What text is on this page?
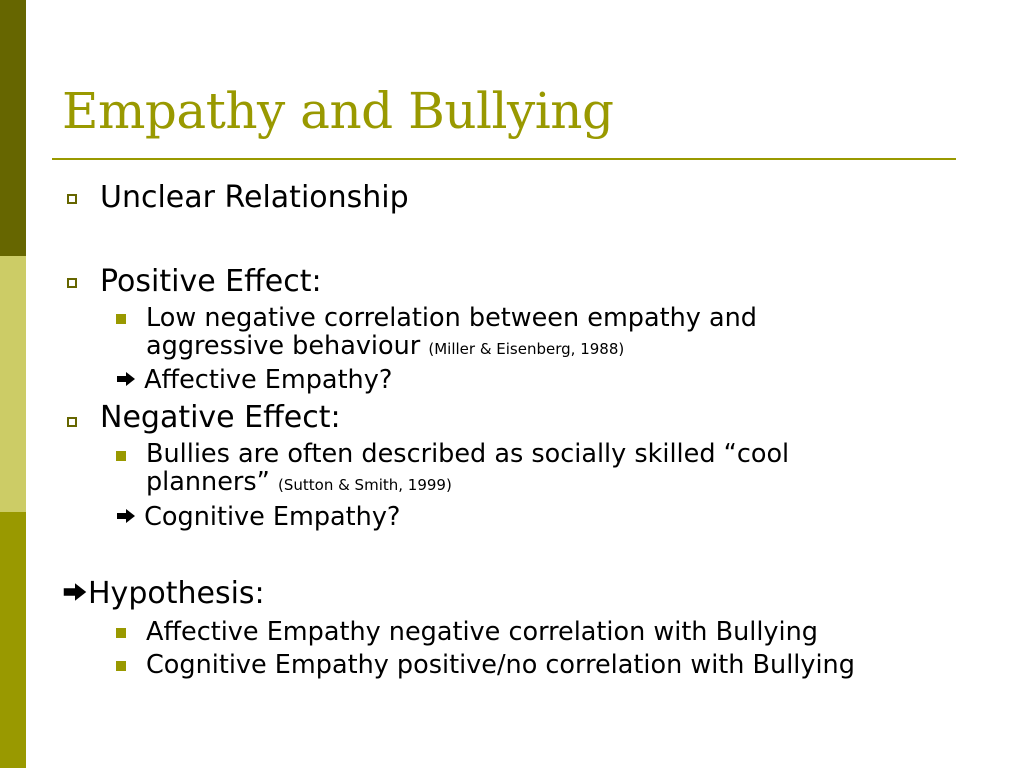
Empathy and Bullying
Unclear Relationship
Positive Effect:
Low negative correlation between empathy and
aggressive behaviour (Miller & Eisenberg, 1988)
Affective Empathy?
Negative Effect:
Bullies are often described as socially skilled “cool
planners” (Sutton & Smith, 1999)
Cognitive Empathy?
Hypothesis:
Affective Empathy negative correlation with Bullying
Cognitive Empathy positive/no correlation with Bullying
